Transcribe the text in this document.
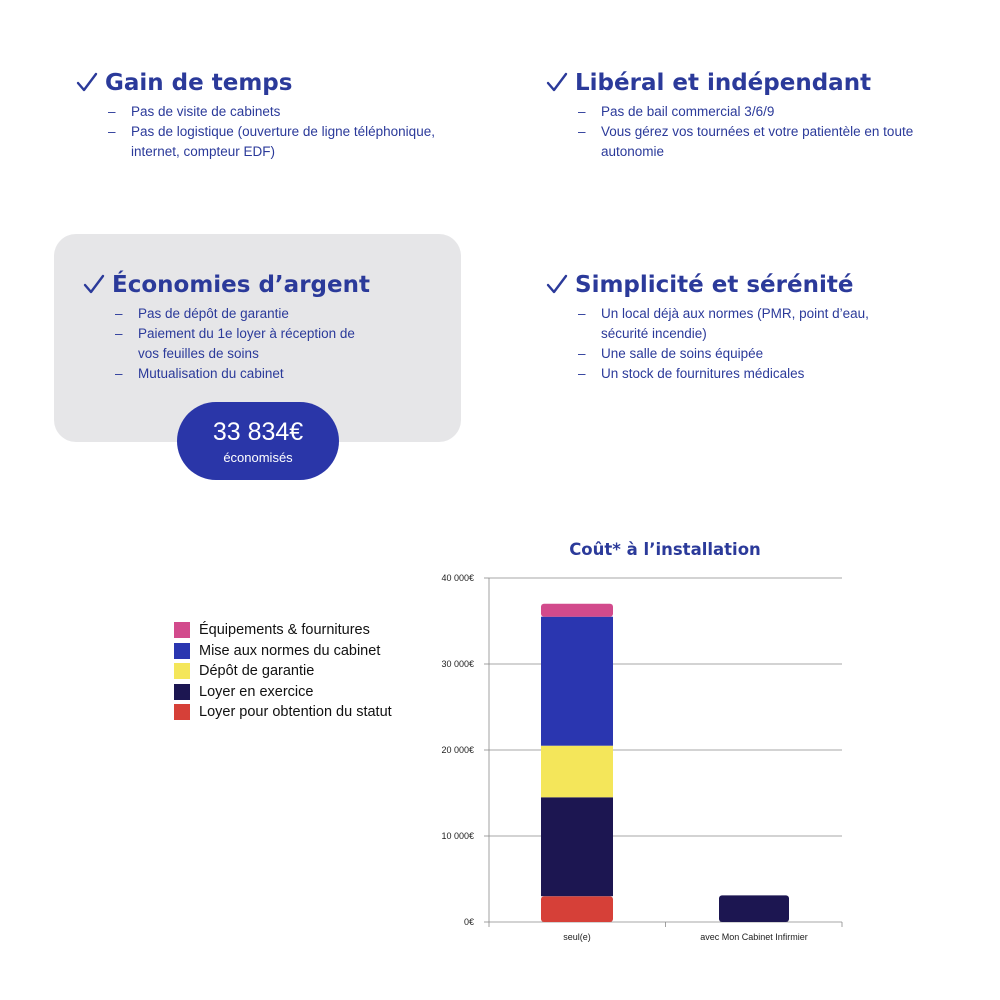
Gain de temps
– Pas de visite de cabinets
– Pas de logistique (ouverture de ligne téléphonique, internet, compteur EDF)
Libéral et indépendant
– Pas de bail commercial 3/6/9
– Vous gérez vos tournées et votre patientèle en toute autonomie
Économies d’argent
– Pas de dépôt de garantie
– Paiement du 1e loyer à réception de vos feuilles de soins
– Mutualisation du cabinet
Simplicité et sérénité
– Un local déjà aux normes (PMR, point d’eau, sécurité incendie)
– Une salle de soins équipée
– Un stock de fournitures médicales
33 834€
économisés
Coût* à l’installation
Équipements & fournitures
Mise aux normes du cabinet
Dépôt de garantie
Loyer en exercice
Loyer pour obtention du statut
0€
10 000€
20 000€
30 000€
40 000€
seul(e)	avec Mon Cabinet Infirmier
